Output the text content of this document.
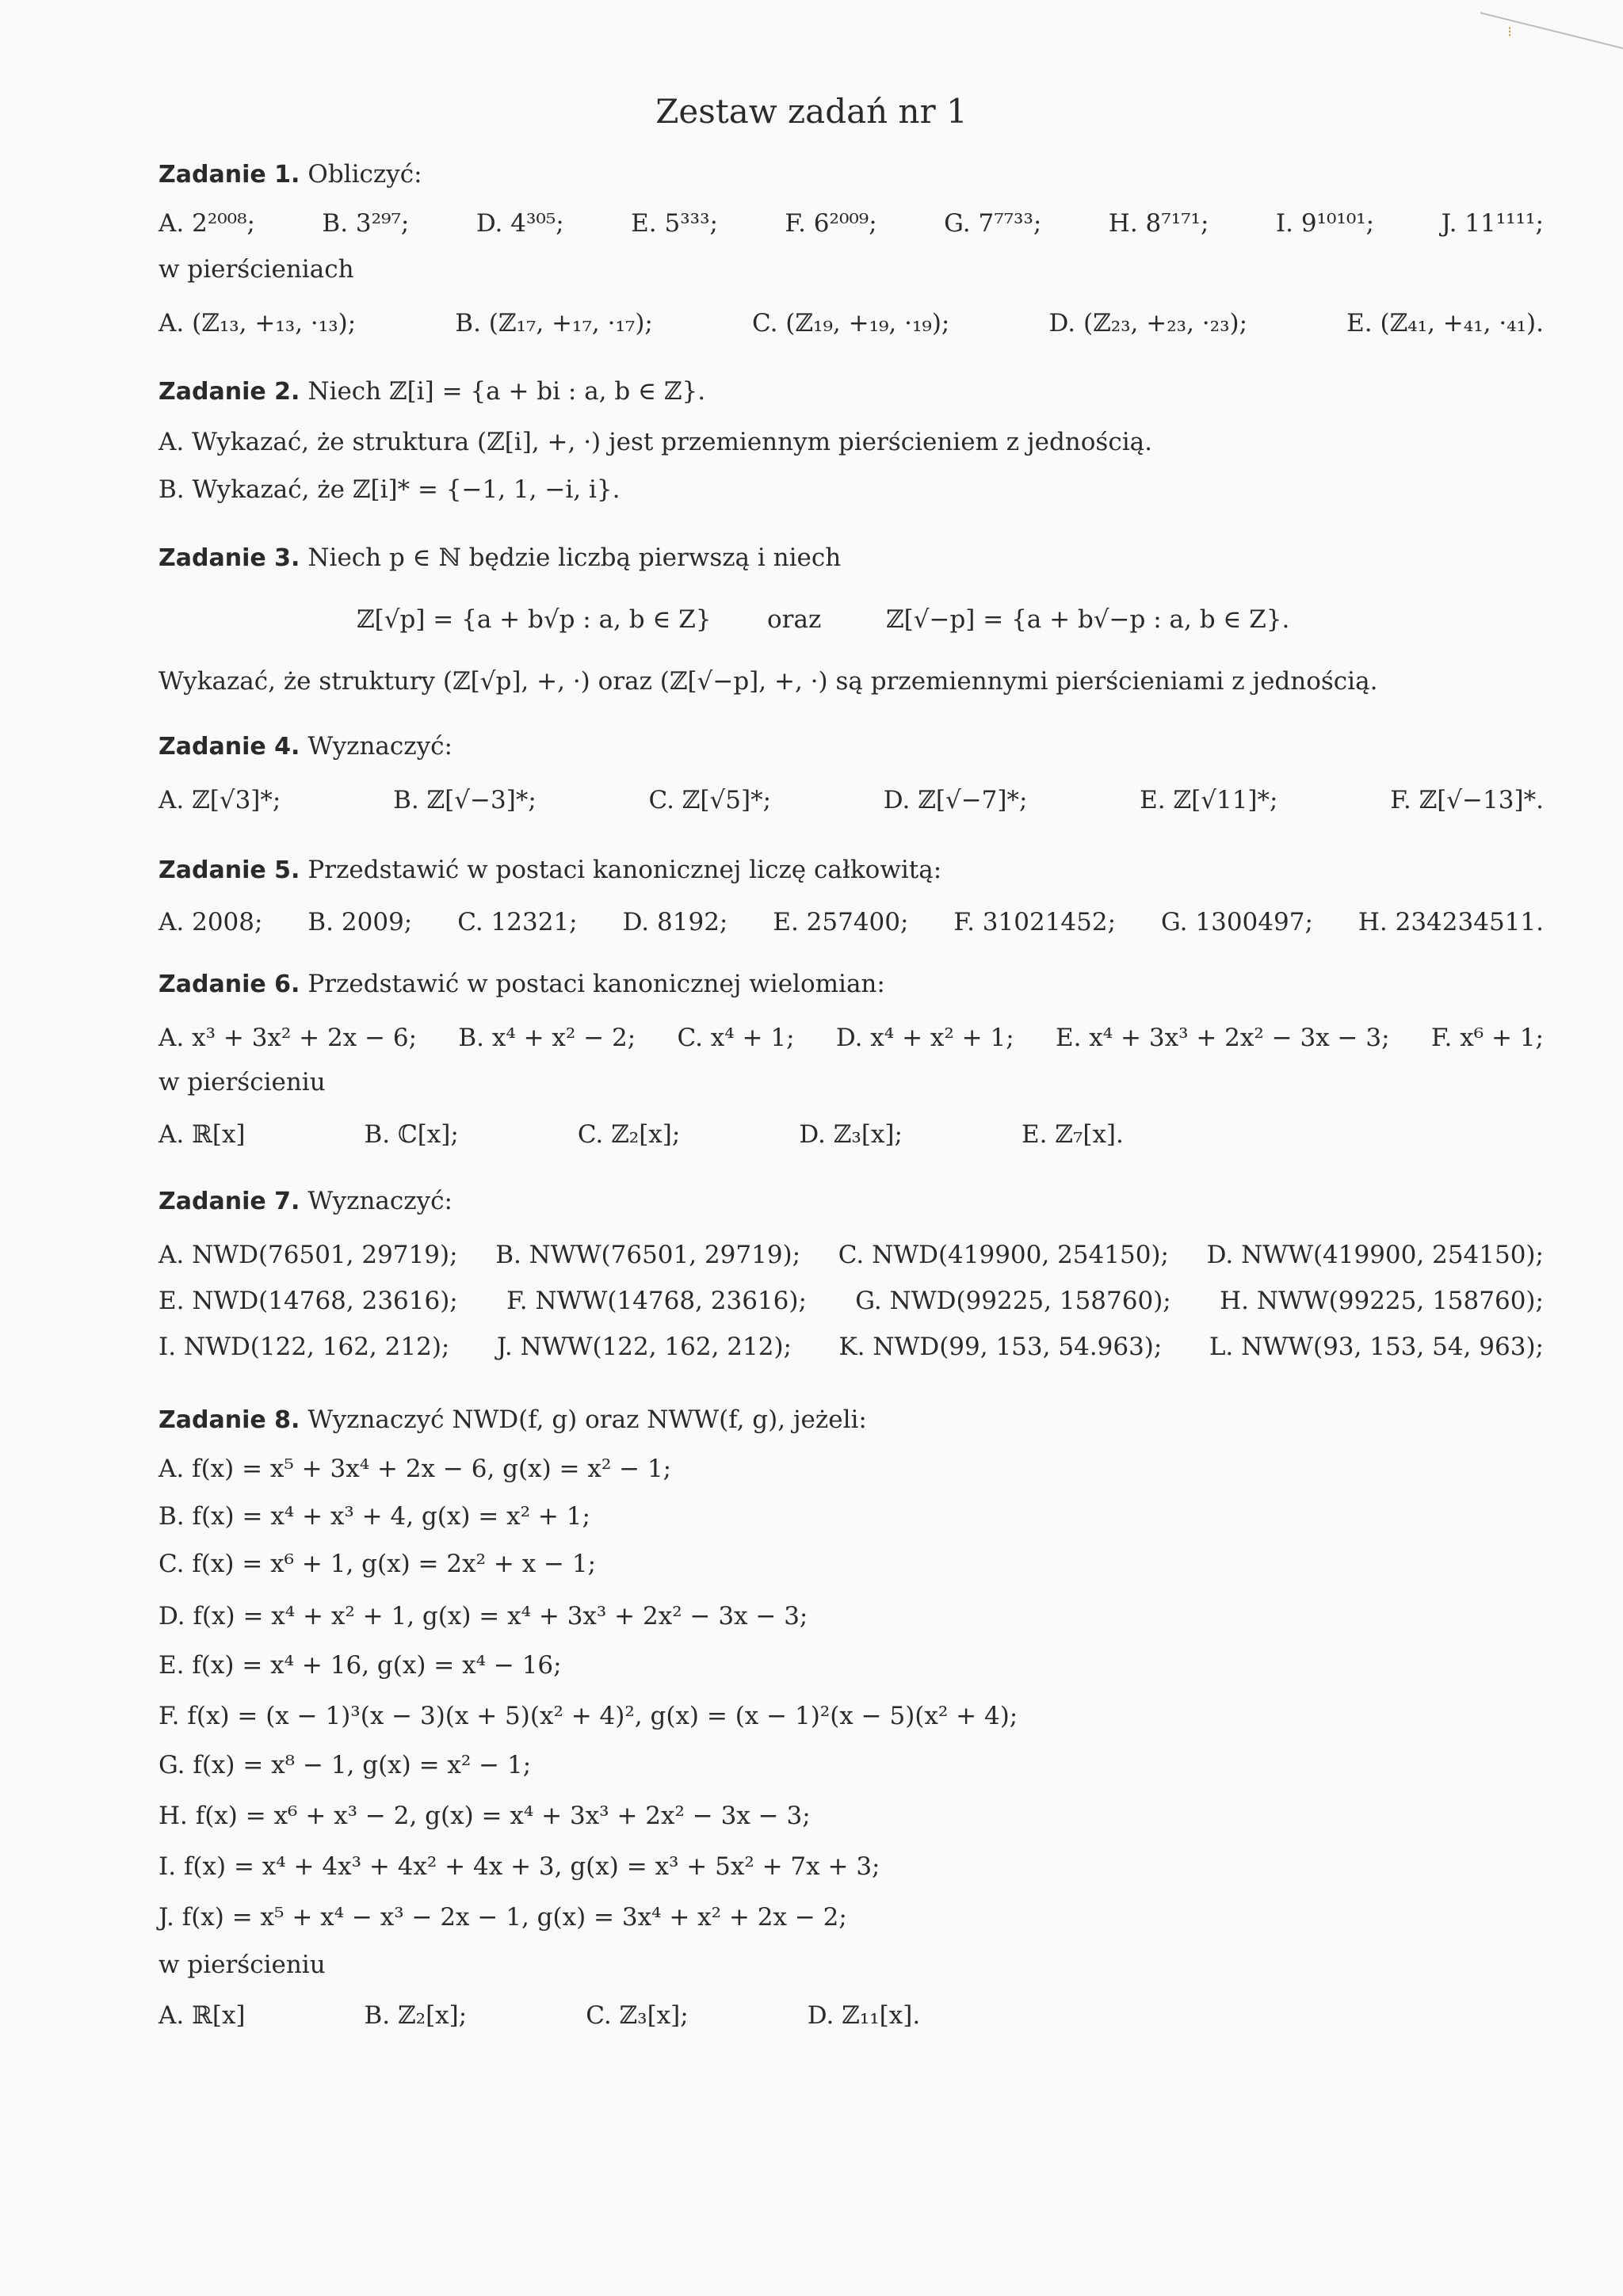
⁝
Zestaw zadań nr 1
Zadanie 1. Obliczyć:
A. 2²⁰⁰⁸;	B. 3²⁹⁷;	D. 4³⁰⁵;	E. 5³³³;	F. 6²⁰⁰⁹;	G. 7⁷⁷³³;	H. 8⁷¹⁷¹;	I. 9¹⁰¹⁰¹;	J. 11¹¹¹¹;
w pierścieniach
A. (ℤ₁₃, +₁₃, ·₁₃);	B. (ℤ₁₇, +₁₇, ·₁₇);	C. (ℤ₁₉, +₁₉, ·₁₉);	D. (ℤ₂₃, +₂₃, ·₂₃);	E. (ℤ₄₁, +₄₁, ·₄₁).
Zadanie 2. Niech ℤ[i] = {a + bi : a, b ∈ ℤ}.
A. Wykazać, że struktura (ℤ[i], +, ·) jest przemiennym pierścieniem z jednością.
B. Wykazać, że ℤ[i]* = {−1, 1, −i, i}.
Zadanie 3. Niech p ∈ ℕ będzie liczbą pierwszą i niech
ℤ[√p] = {a + b√p : a, b ∈ Z} oraz	ℤ[√−p] = {a + b√−p : a, b ∈ Z}.
Wykazać, że struktury (ℤ[√p], +, ·) oraz (ℤ[√−p], +, ·) są przemiennymi pierścieniami z jednością.
Zadanie 4. Wyznaczyć:
A. ℤ[√3]*;	B. ℤ[√−3]*;	C. ℤ[√5]*;	D. ℤ[√−7]*;	E. ℤ[√11]*;	F. ℤ[√−13]*.
Zadanie 5. Przedstawić w postaci kanonicznej liczę całkowitą:
A. 2008; B. 2009; C. 12321; D. 8192; E. 257400; F. 31021452; G. 1300497; H. 234234511.
Zadanie 6. Przedstawić w postaci kanonicznej wielomian:
A. x³ + 3x² + 2x − 6; B. x⁴ + x² − 2; C. x⁴ + 1; D. x⁴ + x² + 1; E. x⁴ + 3x³ + 2x² − 3x − 3; F. x⁶ + 1;
w pierścieniu
A. ℝ[x]	B. ℂ[x];	C. ℤ₂[x];	D. ℤ₃[x];	E. ℤ₇[x].
Zadanie 7. Wyznaczyć:
A. NWD(76501, 29719); B. NWW(76501, 29719); C. NWD(419900, 254150); D. NWW(419900, 254150);
E. NWD(14768, 23616); F. NWW(14768, 23616); G. NWD(99225, 158760); H. NWW(99225, 158760);
I. NWD(122, 162, 212); J. NWW(122, 162, 212); K. NWD(99, 153, 54.963); L. NWW(93, 153, 54, 963);
Zadanie 8. Wyznaczyć NWD(f, g) oraz NWW(f, g), jeżeli:
A. f(x) = x⁵ + 3x⁴ + 2x − 6, g(x) = x² − 1;
B. f(x) = x⁴ + x³ + 4, g(x) = x² + 1;
C. f(x) = x⁶ + 1, g(x) = 2x² + x − 1;
D. f(x) = x⁴ + x² + 1, g(x) = x⁴ + 3x³ + 2x² − 3x − 3;
E. f(x) = x⁴ + 16, g(x) = x⁴ − 16;
F. f(x) = (x − 1)³(x − 3)(x + 5)(x² + 4)², g(x) = (x − 1)²(x − 5)(x² + 4);
G. f(x) = x⁸ − 1, g(x) = x² − 1;
H. f(x) = x⁶ + x³ − 2, g(x) = x⁴ + 3x³ + 2x² − 3x − 3;
I. f(x) = x⁴ + 4x³ + 4x² + 4x + 3, g(x) = x³ + 5x² + 7x + 3;
J. f(x) = x⁵ + x⁴ − x³ − 2x − 1, g(x) = 3x⁴ + x² + 2x − 2;
w pierścieniu
A. ℝ[x]	B. ℤ₂[x];	C. ℤ₃[x];	D. ℤ₁₁[x].
